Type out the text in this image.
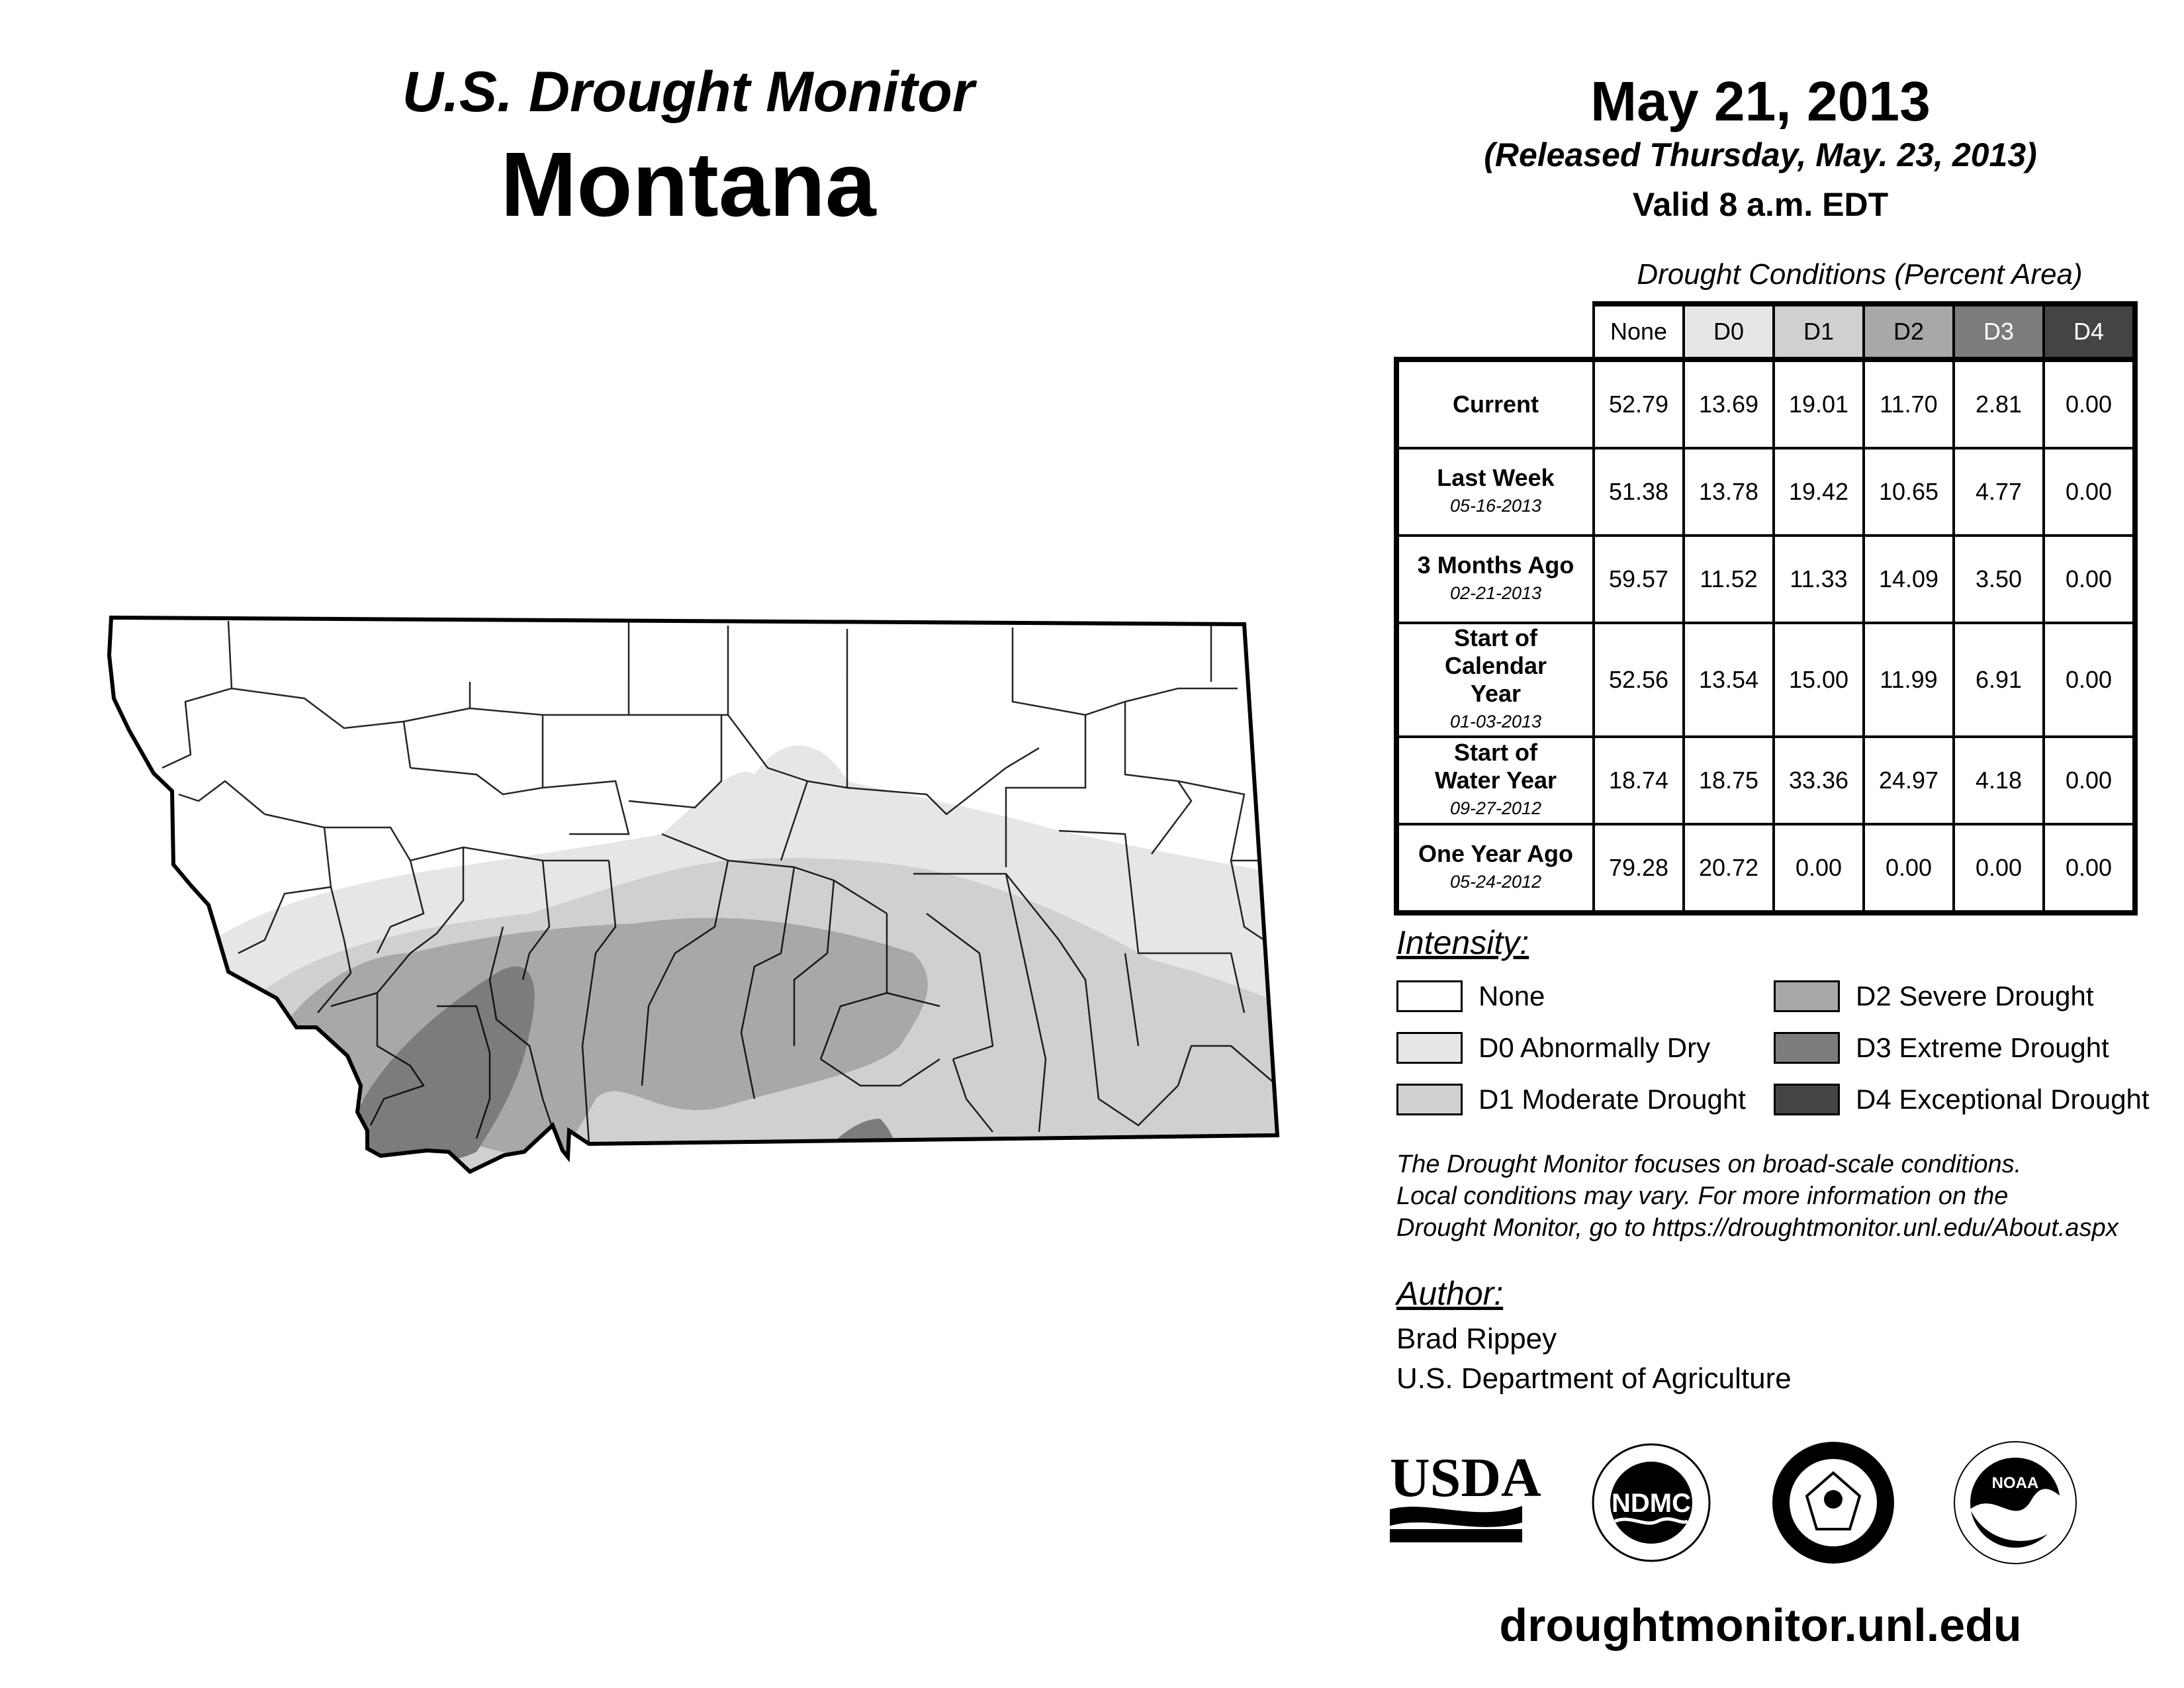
U.S. Drought Monitor
Montana
May 21, 2013
(Released Thursday, May. 23, 2013)
Valid 8 a.m. EDT
Drought Conditions (Percent Area)
	None	D0	D1	D2	D3	D4

Current	52.79	13.69	19.01	11.70	2.81	0.00

Last Week
05-16-2013	51.38	13.78	19.42	10.65	4.77	0.00

3 Months Ago
02-21-2013	59.57	11.52	11.33	14.09	3.50	0.00

Start of Calendar Year
01-03-2013	52.56	13.54	15.00	11.99	6.91	0.00

Start of Water Year
09-27-2012	18.74	18.75	33.36	24.97	4.18	0.00

One Year Ago
05-24-2012	79.28	20.72	0.00	0.00	0.00	0.00
Intensity:
None
D0 Abnormally Dry
D1 Moderate Drought
D2 Severe Drought
D3 Extreme Drought
D4 Exceptional Drought
The Drought Monitor focuses on broad-scale conditions.
Local conditions may vary. For more information on the
Drought Monitor, go to https://droughtmonitor.unl.edu/About.aspx
Author:
Brad Rippey
U.S. Department of Agriculture
USDA	NDMC
NOAA
droughtmonitor.unl.edu
